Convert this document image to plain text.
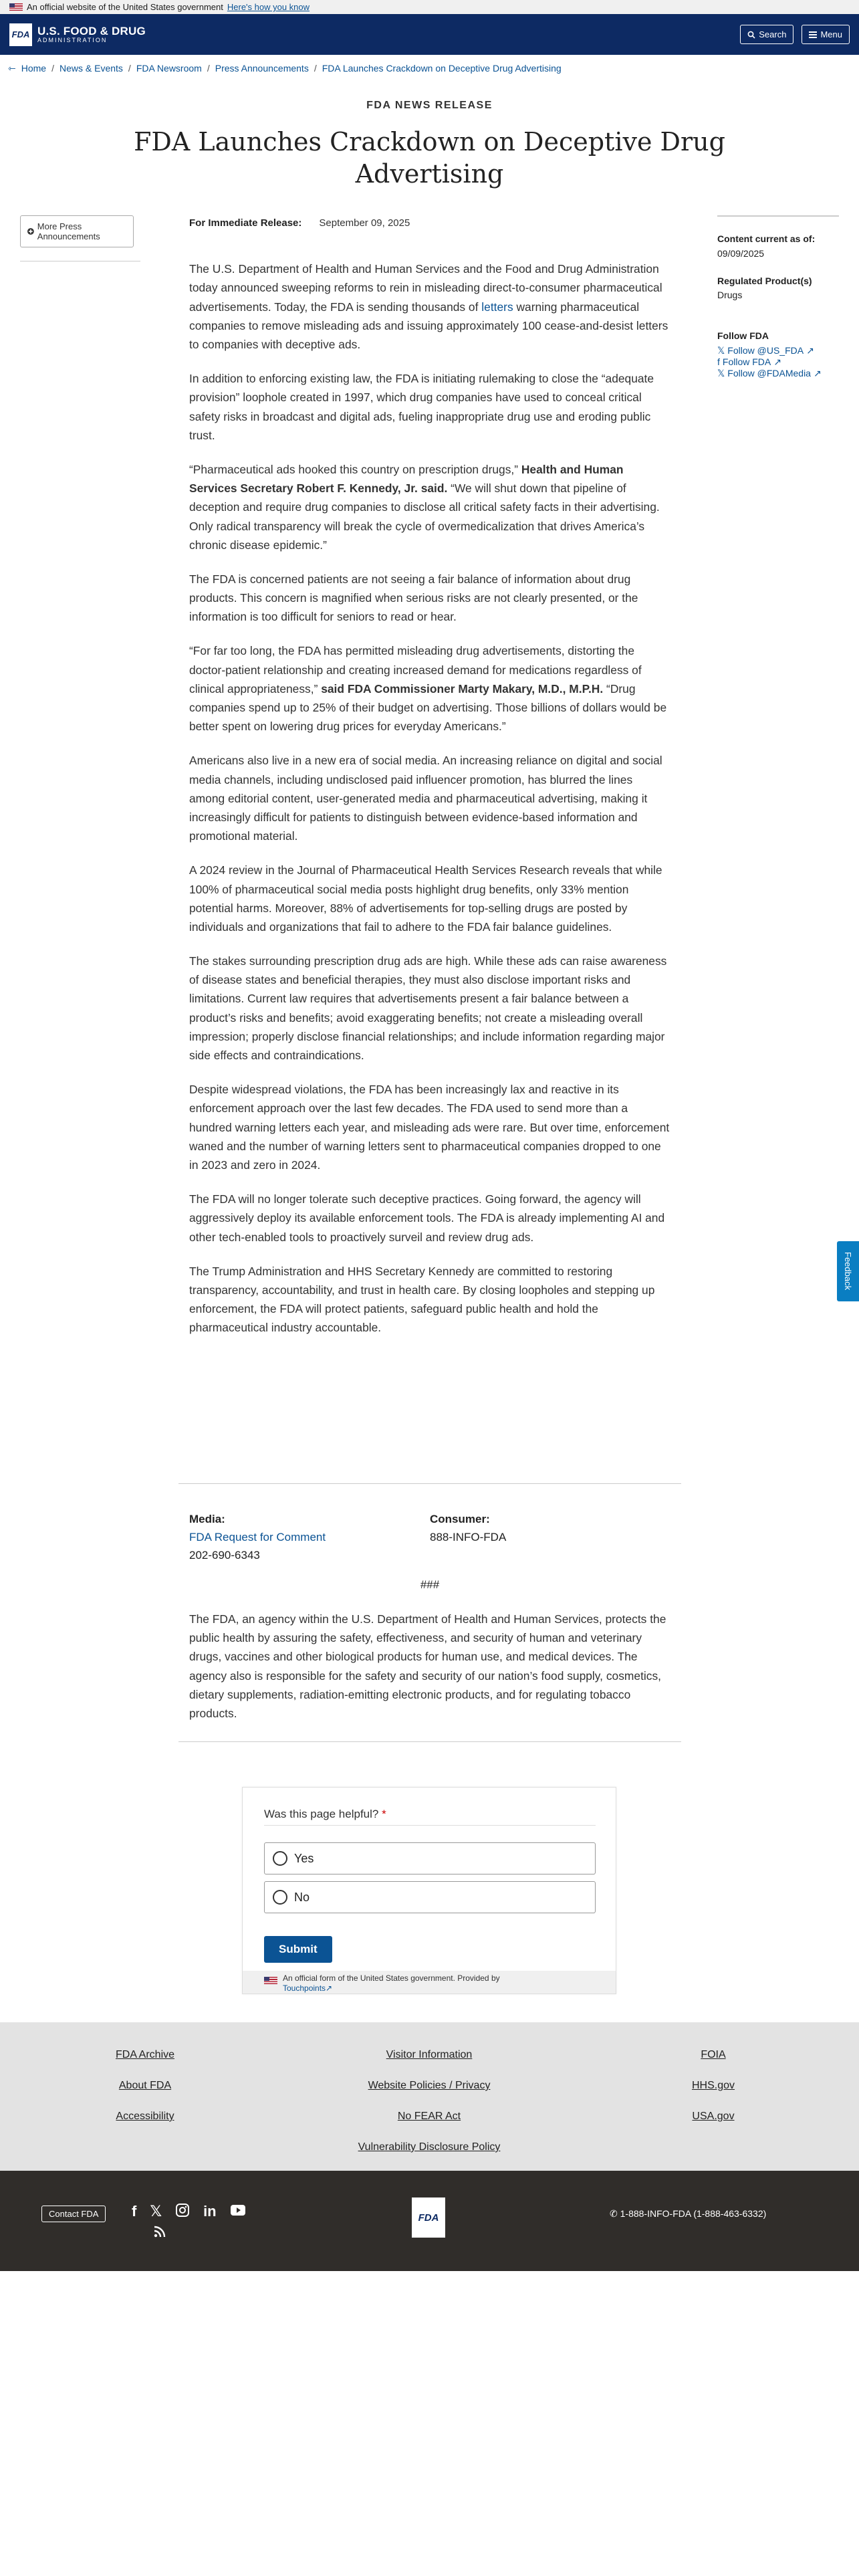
An official website of the United States government Here's how you know
FDA U.S. FOOD & DRUG
ADMINISTRATION
Search	Menu
⇽ Home / News & Events / FDA Newsroom / Press Announcements / FDA Launches Crackdown on Deceptive Drug Advertising
FDA NEWS RELEASE
FDA Launches Crackdown on Deceptive Drug Advertising
More Press Announcements	Content current as of:
09/09/2025
Regulated Product(s)
Drugs
Follow FDA
𝕏 Follow @US_FDA ↗
f Follow FDA ↗
𝕏 Follow @FDAMedia ↗
For Immediate Release: September 09, 2025

The U.S. Department of Health and Human Services and the Food and Drug Administration today announced sweeping reforms to rein in misleading direct-to-consumer pharmaceutical advertisements. Today, the FDA is sending thousands of letters warning pharmaceutical companies to remove misleading ads and issuing approximately 100 cease-and-desist letters to companies with deceptive ads.

In addition to enforcing existing law, the FDA is initiating rulemaking to close the “adequate provision” loophole created in 1997, which drug companies have used to conceal critical safety risks in broadcast and digital ads, fueling inappropriate drug use and eroding public trust.

“Pharmaceutical ads hooked this country on prescription drugs,” Health and Human Services Secretary Robert F. Kennedy, Jr. said. “We will shut down that pipeline of deception and require drug companies to disclose all critical safety facts in their advertising. Only radical transparency will break the cycle of overmedicalization that drives America’s chronic disease epidemic.”

The FDA is concerned patients are not seeing a fair balance of information about drug products. This concern is magnified when serious risks are not clearly presented, or the information is too difficult for seniors to read or hear.

“For far too long, the FDA has permitted misleading drug advertisements, distorting the doctor-patient relationship and creating increased demand for medications regardless of clinical appropriateness,” said FDA Commissioner Marty Makary, M.D., M.P.H. “Drug companies spend up to 25% of their budget on advertising. Those billions of dollars would be better spent on lowering drug prices for everyday Americans.”

Americans also live in a new era of social media. An increasing reliance on digital and social media channels, including undisclosed paid influencer promotion, has blurred the lines among editorial content, user-generated media and pharmaceutical advertising, making it increasingly difficult for patients to distinguish between evidence-based information and promotional material.

A 2024 review in the Journal of Pharmaceutical Health Services Research reveals that while 100% of pharmaceutical social media posts highlight drug benefits, only 33% mention potential harms. Moreover, 88% of advertisements for top-selling drugs are posted by individuals and organizations that fail to adhere to the FDA fair balance guidelines.

The stakes surrounding prescription drug ads are high. While these ads can raise awareness of disease states and beneficial therapies, they must also disclose important risks and limitations. Current law requires that advertisements present a fair balance between a product’s risks and benefits; avoid exaggerating benefits; not create a misleading overall impression; properly disclose financial relationships; and include information regarding major side effects and contraindications.

Despite widespread violations, the FDA has been increasingly lax and reactive in its enforcement approach over the last few decades. The FDA used to send more than a hundred warning letters each year, and misleading ads were rare. But over time, enforcement waned and the number of warning letters sent to pharmaceutical companies dropped to one in 2023 and zero in 2024.

The FDA will no longer tolerate such deceptive practices. Going forward, the agency will aggressively deploy its available enforcement tools. The FDA is already implementing AI and other tech-enabled tools to proactively surveil and review drug ads.

The Trump Administration and HHS Secretary Kennedy are committed to restoring transparency, accountability, and trust in health care. By closing loopholes and stepping up enforcement, the FDA will protect patients, safeguard public health and hold the pharmaceutical industry accountable.

Media:
FDA Request for Comment
202-690-6343
Consumer:
888-INFO-FDA
###
The FDA, an agency within the U.S. Department of Health and Human Services, protects the public health by assuring the safety, effectiveness, and security of human and veterinary drugs, vaccines and other biological products for human use, and medical devices. The agency also is responsible for the safety and security of our nation’s food supply, cosmetics, dietary supplements, radiation-emitting electronic products, and for regulating tobacco products.
Was this page helpful? *
Yes
No
Submit
An official form of the United States government. Provided by
Touchpoints↗
FDA Archive	Visitor Information	FOIA
About FDA	Website Policies / Privacy	HHS.gov
Accessibility	No FEAR Act	USA.gov
Vulnerability Disclosure Policy
Contact FDA	f 𝕏	in	FDA	✆ 1-888-INFO-FDA (1-888-463-6332)
Feedback
